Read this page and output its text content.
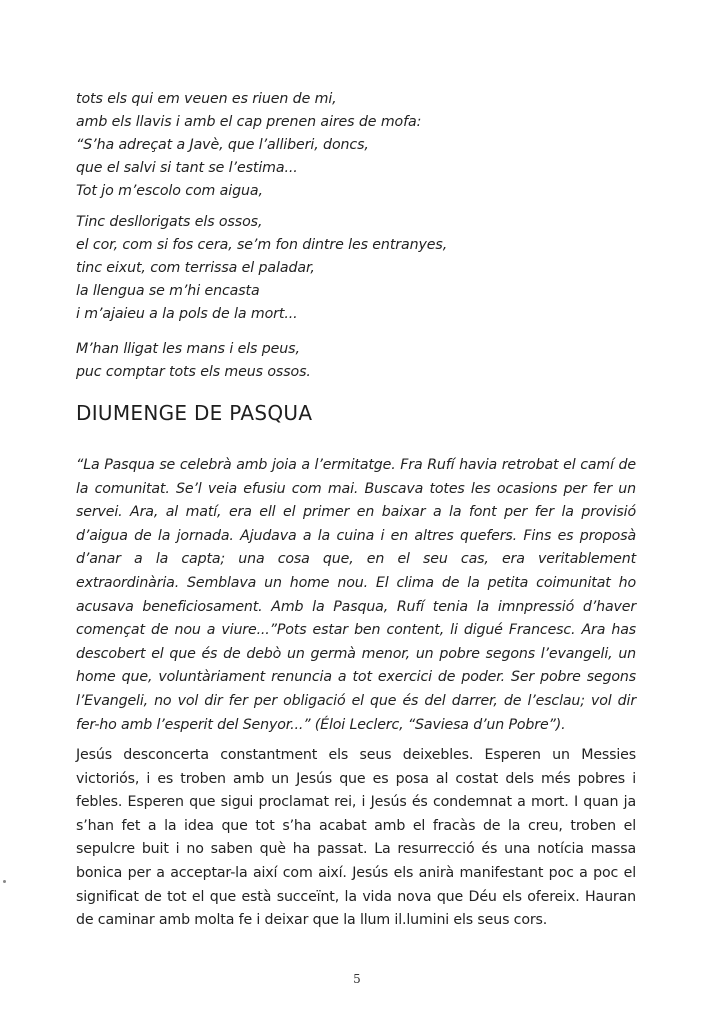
tots els qui em veuen es riuen de mi,
amb els llavis i amb el cap prenen aires de mofa:
“S’ha adreçat a Javè, que l’alliberi, doncs,
que el salvi si tant se l’estima...
Tot jo m’escolo com aigua,
Tinc desllorigats els ossos,
el cor, com si fos cera, se’m fon dintre les entranyes,
tinc eixut, com terrissa el paladar,
la llengua se m’hi encasta
i m’ajaieu a la pols de la mort...
M’han lligat les mans i els peus,
puc comptar tots els meus ossos.
DIUMENGE DE PASQUA

“La Pasqua se celebrà amb joia a l’ermitatge. Fra Rufí havia retrobat el camí de la comunitat. Se’l veia efusiu com mai. Buscava totes les ocasions per fer un servei. Ara, al matí, era ell el primer en baixar a la font per fer la provisió d’aigua de la jornada. Ajudava a la cuina i en altres quefers. Fins es proposà d’anar a la capta; una cosa que, en el seu cas, era veritablement extraordinària. Semblava un home nou. El clima de la petita coimunitat ho acusava beneficiosament. Amb la Pasqua, Rufí tenia la imnpressió d’haver començat de nou a viure...”Pots estar ben content, li digué Francesc. Ara has descobert el que és de debò un germà menor, un pobre segons l’evangeli, un home que, voluntàriament renuncia a tot exercici de poder. Ser pobre segons l’Evangeli, no vol dir fer per obligació el que és del darrer, de l’esclau; vol dir fer-ho amb l’esperit del Senyor...” (Éloi Leclerc, “Saviesa d’un Pobre”).

Jesús desconcerta constantment els seus deixebles. Esperen un Messies victoriós, i es troben amb un Jesús que es posa al costat dels més pobres i febles. Esperen que sigui proclamat rei, i Jesús és condemnat a mort. I quan ja s’han fet a la idea que tot s’ha acabat amb el fracàs de la creu, troben el sepulcre buit i no saben què ha passat. La resurrecció és una notícia massa bonica per a acceptar-la així com així. Jesús els anirà manifestant poc a poc el significat de tot el que està succeïnt, la vida nova que Déu els ofereix. Hauran de caminar amb molta fe i deixar que la llum il.lumini els seus cors.

5
